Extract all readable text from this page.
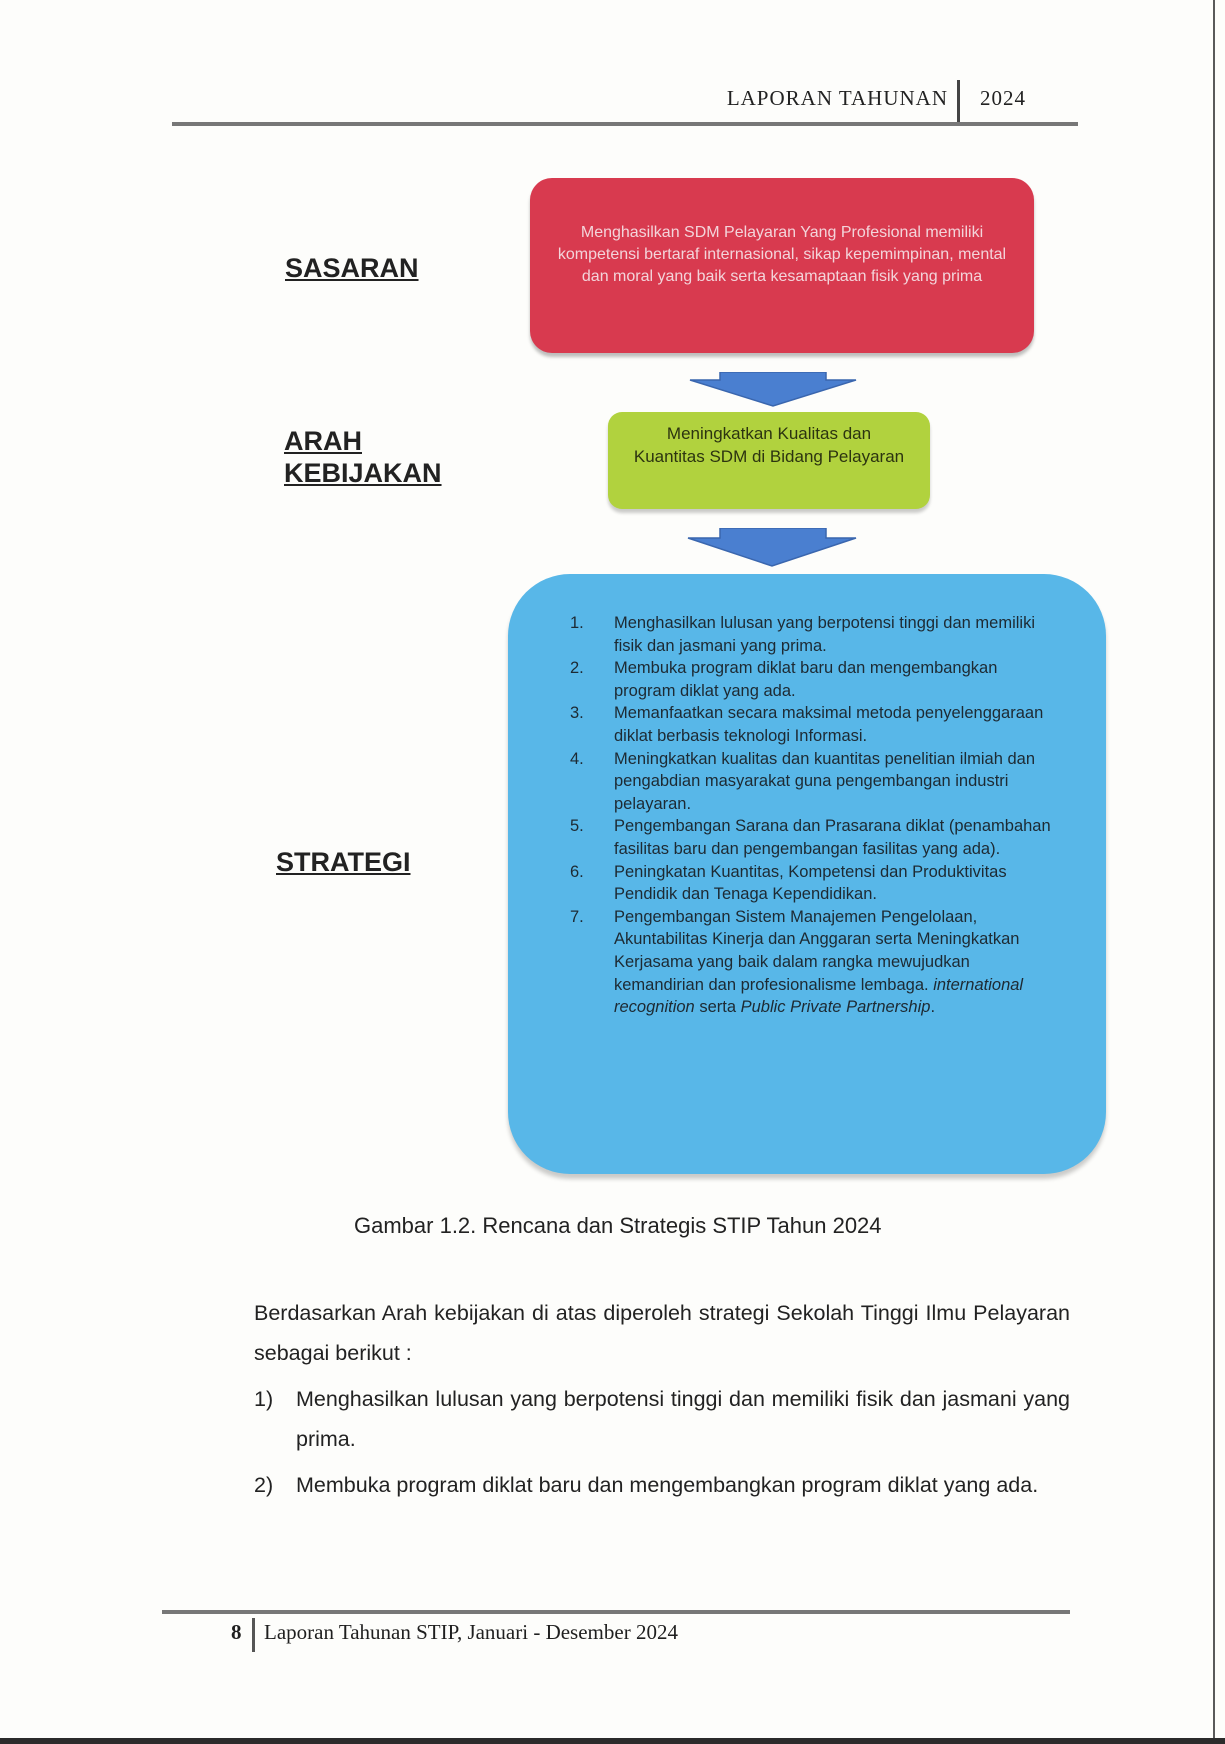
LAPORAN TAHUNAN 2024
SASARAN
ARAH
KEBIJAKAN
STRATEGI
Menghasilkan SDM Pelayaran Yang Profesional memiliki kompetensi bertaraf internasional, sikap kepemimpinan, mental dan moral yang baik serta kesamaptaan fisik yang prima
Meningkatkan Kualitas dan Kuantitas SDM di Bidang Pelayaran
1.	Menghasilkan lulusan yang berpotensi tinggi dan memiliki fisik dan jasmani yang prima.
2.	Membuka program diklat baru dan mengembangkan program diklat yang ada.
3.	Memanfaatkan secara maksimal metoda penyelenggaraan diklat berbasis teknologi Informasi.
4.	Meningkatkan kualitas dan kuantitas penelitian ilmiah dan pengabdian masyarakat guna pengembangan industri pelayaran.
5.	Pengembangan Sarana dan Prasarana diklat (penambahan fasilitas baru dan pengembangan fasilitas yang ada).
6.	Peningkatan Kuantitas, Kompetensi dan Produktivitas Pendidik dan Tenaga Kependidikan.
7.	Pengembangan Sistem Manajemen Pengelolaan, Akuntabilitas Kinerja dan Anggaran serta Meningkatkan Kerjasama yang baik dalam rangka mewujudkan kemandirian dan profesionalisme lembaga. international recognition serta Public Private Partnership.
Gambar 1.2. Rencana dan Strategis STIP Tahun 2024
Berdasarkan Arah kebijakan di atas diperoleh strategi Sekolah Tinggi Ilmu Pelayaran sebagai berikut :
1)	Menghasilkan lulusan yang berpotensi tinggi dan memiliki fisik dan jasmani yang prima.
2)	Membuka program diklat baru dan mengembangkan program diklat yang ada.
8 Laporan Tahunan STIP, Januari - Desember 2024
